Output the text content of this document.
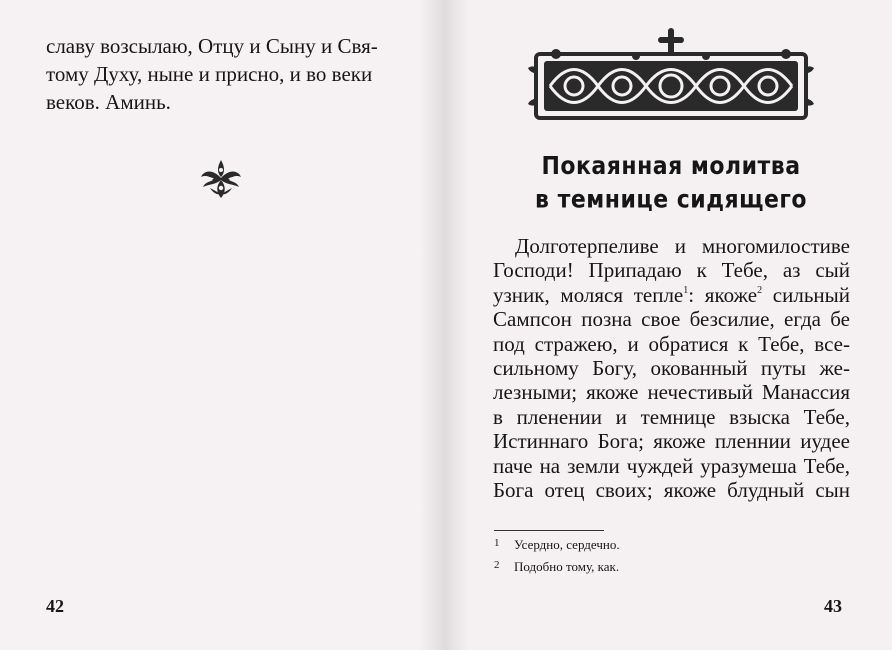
славу возсылаю, Отцу и Сыну и Свя-
тому Духу, ныне и присно, и во веки
веков. Аминь.
42
Покаянная молитва
в темнице сидящего
Долготерпеливе и многомилостиве
Господи! Припадаю к Тебе, аз сый
узник, моляся тепле$^1$: якоже$^2$ сильный
Сампсон позна свое безсилие, егда бе
под стражею, и обратися к Тебе, все-
сильному Богу, окованный путы же-
лезными; якоже нечестивый Манассия
в пленении и темнице взыска Тебе,
Истиннаго Бога; якоже пленнии иудее
паче на земли чуждей уразумеша Тебе,
Бога отец своих; якоже блудный сын
1 Усердно, сердечно.
2 Подобно тому, как.
43
